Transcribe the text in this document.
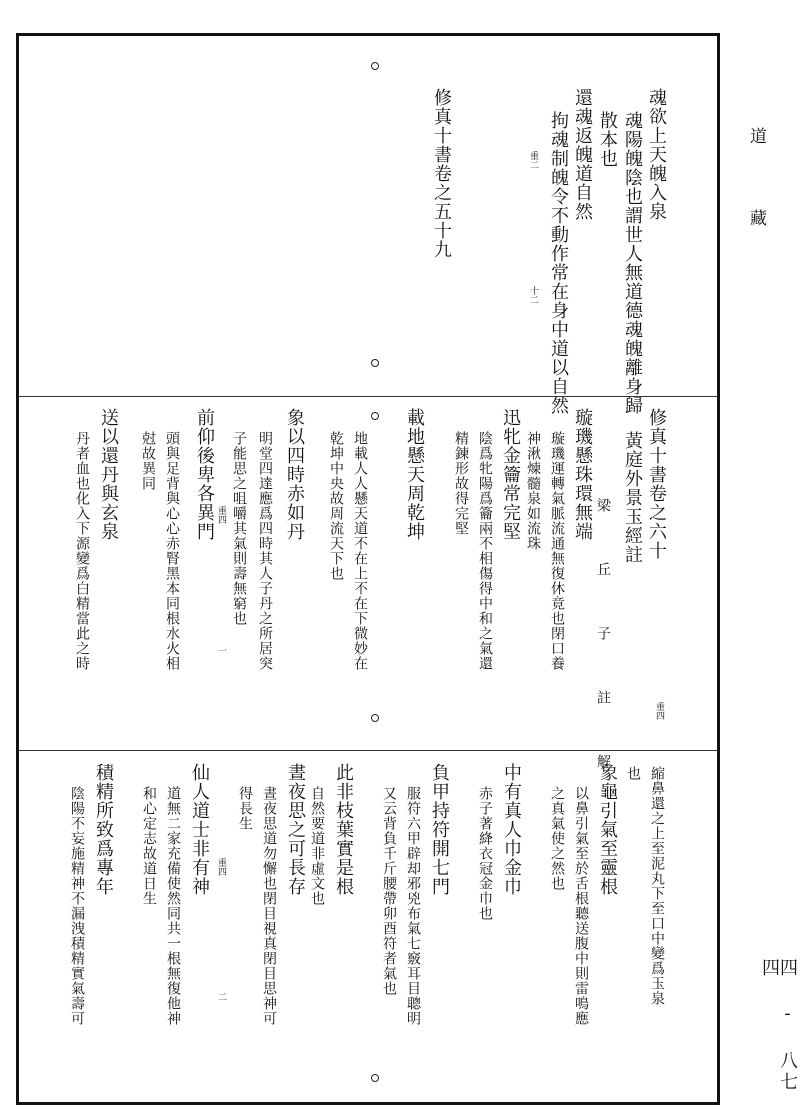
魂欲上天魄入泉
魂陽魄陰也謂世人無道德魂魄離身歸
散本也
還魂返魄道自然
拘魂制魄令不動作常在身中道以自然
修真十書卷之五十九	重二
十二
修真十書卷之六十
黃庭外景玉經註
梁 丘 子 註 解
璇璣懸珠環無端
璇璣運轉氣脈流通無復休竟也閉口養
神湫煉髓泉如流珠
迅牝金籥常完堅
陰爲牝陽爲籥兩不相傷得中和之氣還
精鍊形故得完堅
載地懸天周乾坤
地載人人懸天道不在上不在下微妙在
乾坤中央故周流天下也
象以四時赤如丹
明堂四達應爲四時其人子丹之所居突
子能思之咀嚼其氣則壽無窮也
前仰後卑各異門
頭與足背與心心赤腎黑本同根水火相
尅故異同
送以還丹與玄泉
丹者血也化入下源變爲白精當此之時
重四
重四
一
縮鼻還之上至泥丸下至口中變爲玉泉
也
象龜引氣至靈根
以鼻引氣至於舌根聽送腹中則雷鳴應
之真氣使之然也
中有真人巾金巾
赤子著絳衣冠金巾也
負甲持符開七門
服符六甲辟却邪兇布氣七竅耳目聰明
又云背負千斤腰帶卯酉符者氣也
此非枝葉實是根
自然要道非虛文也
晝夜思之可長存
晝夜思道勿懈也閉目視真閉目思神可
得長生
仙人道士非有神
道無二家充備使然同共一根無復他神
和心定志故道日生
積精所致爲專年
陰陽不妄施精神不漏洩積精實氣壽可	重四
二
道
藏
四 - 八七四
